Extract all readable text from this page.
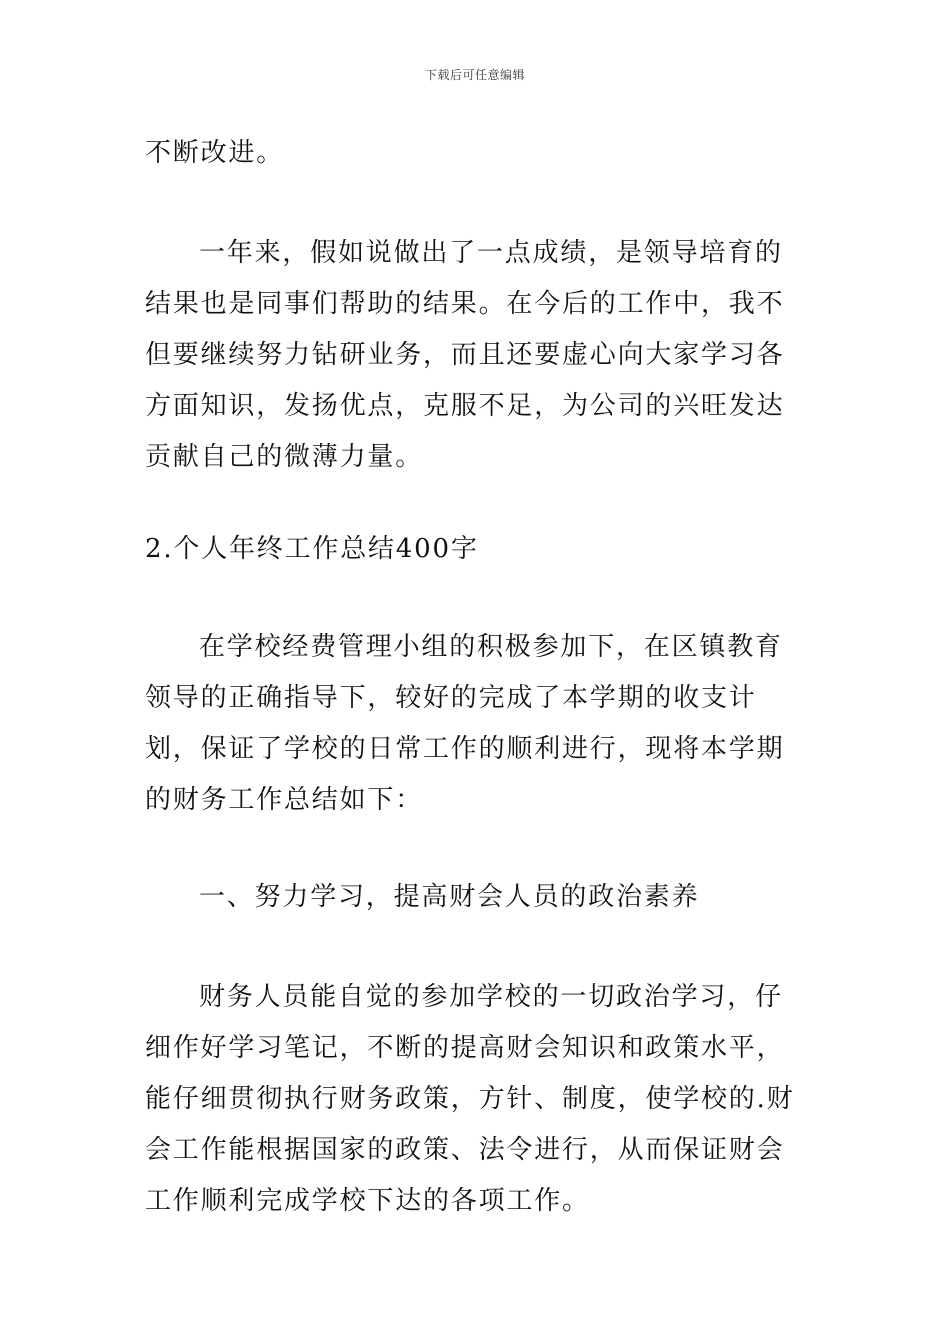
下载后可任意编辑

不断改进。

一年来，假如说做出了一点成绩，是领导培育的结果也是同事们帮助的结果。在今后的工作中，我不但要继续努力钻研业务，而且还要虚心向大家学习各方面知识，发扬优点，克服不足，为公司的兴旺发达贡献自己的微薄力量。

2.个人年终工作总结400字

在学校经费管理小组的积极参加下，在区镇教育领导的正确指导下，较好的完成了本学期的收支计划，保证了学校的日常工作的顺利进行，现将本学期的财务工作总结如下：

一、努力学习，提高财会人员的政治素养

财务人员能自觉的参加学校的一切政治学习，仔细作好学习笔记，不断的提高财会知识和政策水平，能仔细贯彻执行财务政策，方针、制度，使学校的.财会工作能根据国家的政策、法令进行，从而保证财会工作顺利完成学校下达的各项工作。
